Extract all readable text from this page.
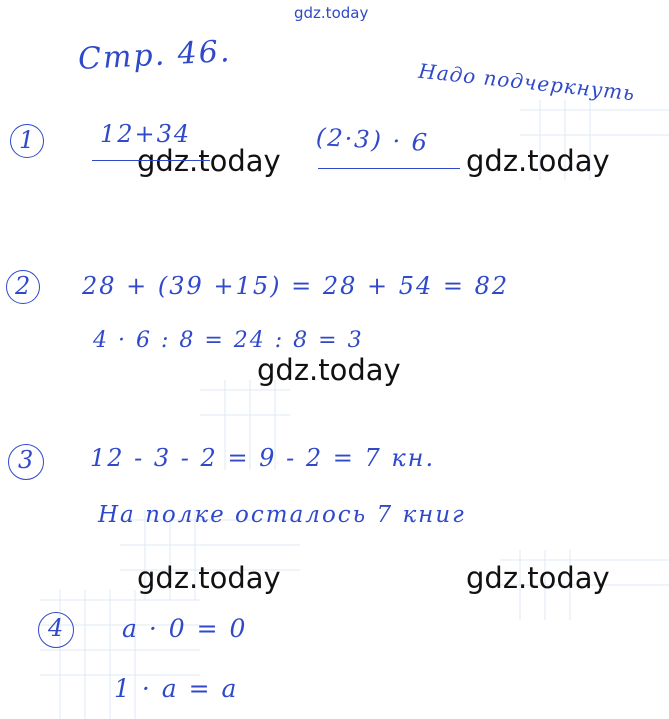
gdz.today
gdz.today	gdz.today
gdz.today
gdz.today	gdz.today
Стр. 46.
Надо подчеркнуть
1	12+34	(2·3) · 6
2 28 + (39 +15) = 28 + 54 = 82
4 · 6 : 8 = 24 : 8 = 3
3 12 - 3 - 2 = 9 - 2 = 7 кн.
На полке осталось 7 книг
4 a · 0 = 0
1 · a = a
